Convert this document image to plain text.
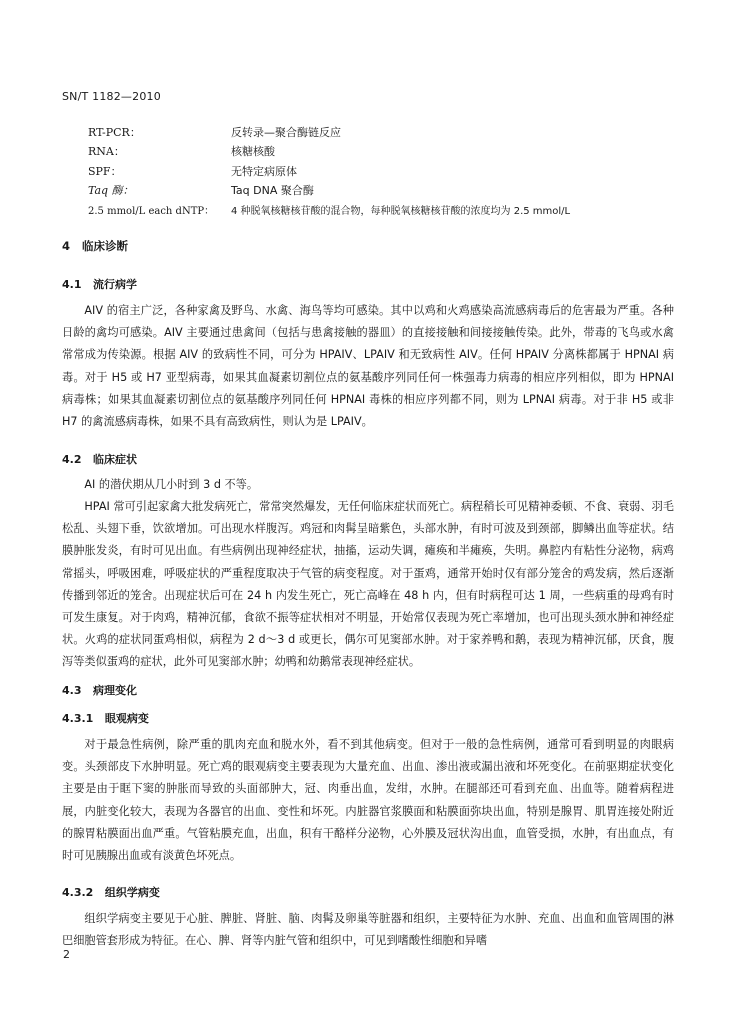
SN/T 1182—2010
RT-PCR：	反转录—聚合酶链反应
RNA：	核糖核酸
SPF：	无特定病原体
Taq 酶：	Taq DNA 聚合酶
2.5 mmol/L each dNTP：	4 种脱氧核糖核苷酸的混合物，每种脱氧核糖核苷酸的浓度均为 2.5 mmol/L
4 临床诊断
4.1 流行病学

AIV 的宿主广泛，各种家禽及野鸟、水禽、海鸟等均可感染。其中以鸡和火鸡感染高流感病毒后的危害最为严重。各种日龄的禽均可感染。AIV 主要通过患禽间（包括与患禽接触的器皿）的直接接触和间接接触传染。此外，带毒的飞鸟或水禽常常成为传染源。根据 AIV 的致病性不同，可分为 HPAIV、LPAIV 和无致病性 AIV。任何 HPAIV 分离株都属于 HPNAI 病毒。对于 H5 或 H7 亚型病毒，如果其血凝素切割位点的氨基酸序列同任何一株强毒力病毒的相应序列相似，即为 HPNAI 病毒株；如果其血凝素切割位点的氨基酸序列同任何 HPNAI 毒株的相应序列都不同，则为 LPNAI 病毒。对于非 H5 或非 H7 的禽流感病毒株，如果不具有高致病性，则认为是 LPAIV。

4.2 临床症状

AI 的潜伏期从几小时到 3 d 不等。

HPAI 常可引起家禽大批发病死亡，常常突然爆发，无任何临床症状而死亡。病程稍长可见精神委顿、不食、衰弱、羽毛松乱、头翅下垂，饮欲增加。可出现水样腹泻。鸡冠和肉髯呈暗紫色，头部水肿，有时可波及到颈部，脚鳞出血等症状。结膜肿胀发炎，有时可见出血。有些病例出现神经症状，抽搐，运动失调，瘫痪和半瘫痪，失明。鼻腔内有粘性分泌物，病鸡常摇头，呼吸困难，呼吸症状的严重程度取决于气管的病变程度。对于蛋鸡，通常开始时仅有部分笼舍的鸡发病，然后逐渐传播到邻近的笼舍。出现症状后可在 24 h 内发生死亡，死亡高峰在 48 h 内，但有时病程可达 1 周，一些病重的母鸡有时可发生康复。对于肉鸡，精神沉郁，食欲不振等症状相对不明显，开始常仅表现为死亡率增加，也可出现头颈水肿和神经症状。火鸡的症状同蛋鸡相似，病程为 2 d～3 d 或更长，偶尔可见窦部水肿。对于家养鸭和鹅，表现为精神沉郁，厌食，腹泻等类似蛋鸡的症状，此外可见窦部水肿；幼鸭和幼鹅常表现神经症状。

4.3 病理变化
4.3.1 眼观病变

对于最急性病例，除严重的肌肉充血和脱水外，看不到其他病变。但对于一般的急性病例，通常可看到明显的肉眼病变。头颈部皮下水肿明显。死亡鸡的眼观病变主要表现为大量充血、出血、渗出液或漏出液和坏死变化。在前驱期症状变化主要是由于眶下窦的肿胀而导致的头面部肿大，冠、肉垂出血，发绀，水肿。在腿部还可看到充血、出血等。随着病程进展，内脏变化较大，表现为各器官的出血、变性和坏死。内脏器官浆膜面和粘膜面弥块出血，特别是腺胃、肌胃连接处附近的腺胃粘膜面出血严重。气管粘膜充血，出血，积有干酪样分泌物，心外膜及冠状沟出血，血管受损，水肿，有出血点，有时可见胰腺出血或有淡黄色坏死点。

4.3.2 组织学病变

组织学病变主要见于心脏、脾脏、肾脏、脑、肉髯及卵巢等脏器和组织，主要特征为水肿、充血、出血和血管周围的淋巴细胞管套形成为特征。在心、脾、肾等内脏气管和组织中，可见到嗜酸性细胞和异嗜

2
